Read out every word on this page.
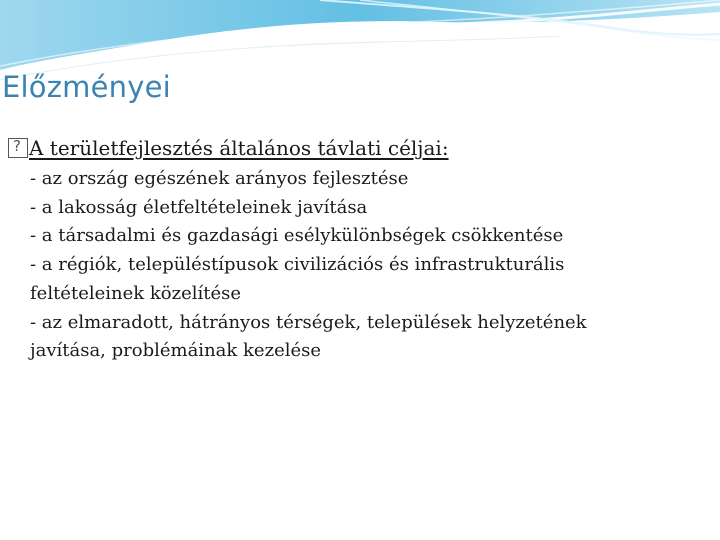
Előzményei
?A területfejlesztés általános távlati céljai:
- az ország egészének arányos fejlesztése
- a lakosság életfeltételeinek javítása
- a társadalmi és gazdasági esélykülönbségek csökkentése
- a régiók, településtípusok civilizációs és infrastrukturális feltételeinek közelítése
- az elmaradott, hátrányos térségek, települések helyzetének javítása, problémáinak kezelése
